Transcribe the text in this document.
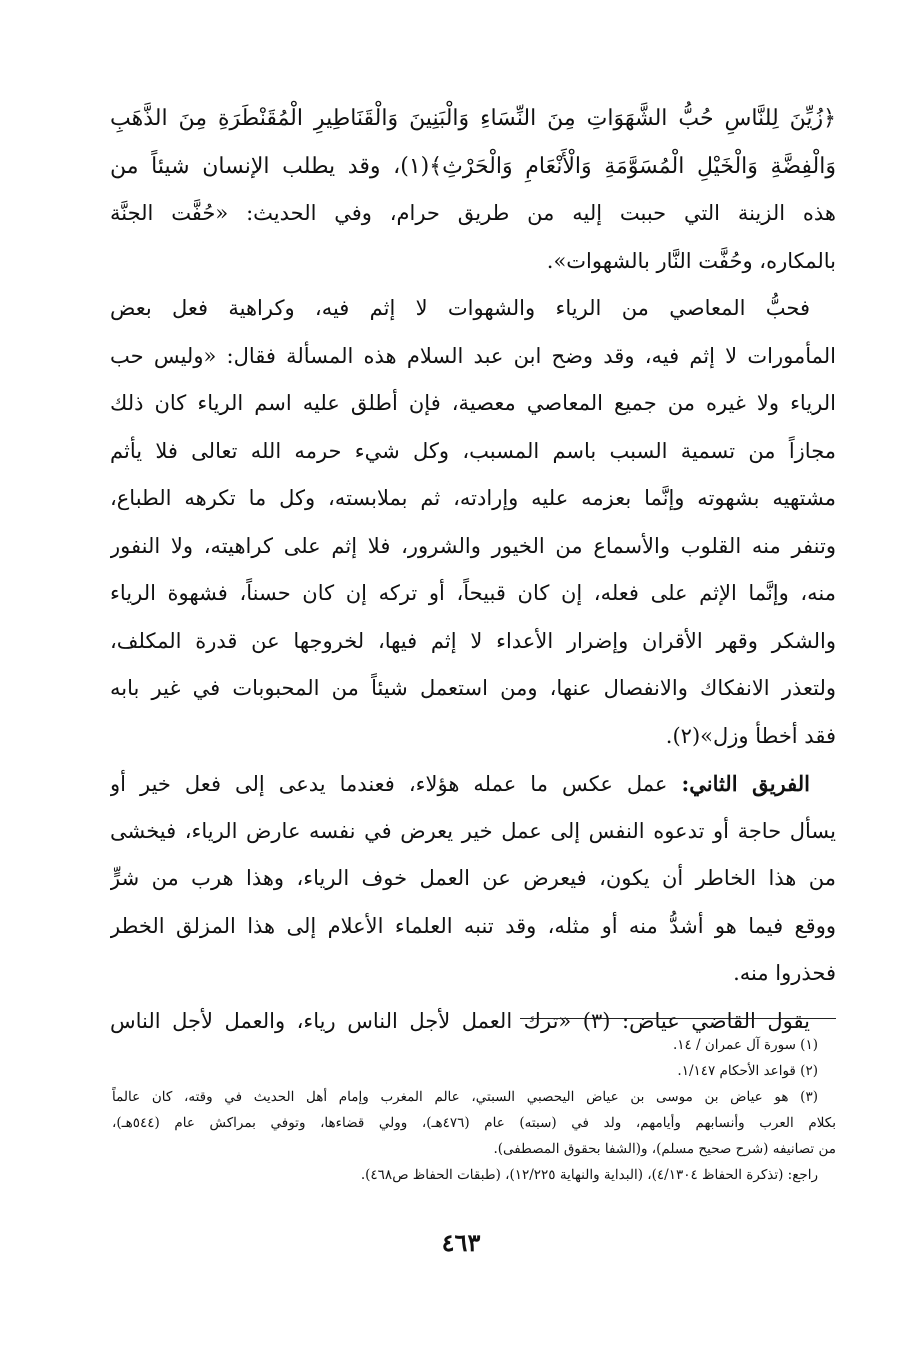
﴿زُيِّنَ لِلنَّاسِ حُبُّ الشَّهَوَاتِ مِنَ النِّسَاءِ وَالْبَنِينَ وَالْقَنَاطِيرِ الْمُقَنْطَرَةِ مِنَ الذَّهَبِ
وَالْفِضَّةِ وَالْخَيْلِ الْمُسَوَّمَةِ وَالْأَنْعَامِ وَالْحَرْثِ﴾(١)، وقد يطلب الإنسان شيئاً من
هذه الزينة التي حببت إليه من طريق حرام، وفي الحديث: «حُفَّت الجنَّة
بالمكاره، وحُفَّت النَّار بالشهوات».
فحبُّ المعاصي من الرياء والشهوات لا إثم فيه، وكراهية فعل بعض
المأمورات لا إثم فيه، وقد وضح ابن عبد السلام هذه المسألة فقال: «وليس حب
الرياء ولا غيره من جميع المعاصي معصية، فإن أطلق عليه اسم الرياء كان ذلك
مجازاً من تسمية السبب باسم المسبب، وكل شيء حرمه الله تعالى فلا يأثم
مشتهيه بشهوته وإنَّما بعزمه عليه وإرادته، ثم بملابسته، وكل ما تكرهه الطباع،
وتنفر منه القلوب والأسماع من الخيور والشرور، فلا إثم على كراهيته، ولا النفور
منه، وإنَّما الإثم على فعله، إن كان قبيحاً، أو تركه إن كان حسناً، فشهوة الرياء
والشكر وقهر الأقران وإضرار الأعداء لا إثم فيها، لخروجها عن قدرة المكلف،
ولتعذر الانفكاك والانفصال عنها، ومن استعمل شيئاً من المحبوبات في غير بابه
فقد أخطأ وزل»(٢).
الفريق الثاني: عمل عكس ما عمله هؤلاء، فعندما يدعى إلى فعل خير أو
يسأل حاجة أو تدعوه النفس إلى عمل خير يعرض في نفسه عارض الرياء، فيخشى
من هذا الخاطر أن يكون، فيعرض عن العمل خوف الرياء، وهذا هرب من شرٍّ
ووقع فيما هو أشدُّ منه أو مثله، وقد تنبه العلماء الأعلام إلى هذا المزلق الخطر
فحذروا منه.
يقول القاضي عياض: (٣) «ترك العمل لأجل الناس رياء، والعمل لأجل الناس
(١) سورة آل عمران / ١٤.
(٢) قواعد الأحكام ١/١٤٧.
(٣) هو عياض بن موسى بن عياض اليحصبي السبتي، عالم المغرب وإمام أهل الحديث في وقته، كان عالماً
بكلام العرب وأنسابهم وأيامهم، ولد في (سبته) عام (٤٧٦هـ)، وولي قضاءها، وتوفي بمراكش عام (٥٤٤هـ)،
من تصانيفه (شرح صحيح مسلم)، و(الشفا بحقوق المصطفى).
راجع: (تذكرة الحفاظ ٤/١٣٠٤)، (البداية والنهاية ١٢/٢٢٥)، (طبقات الحفاظ ص٤٦٨).
٤٦٣
